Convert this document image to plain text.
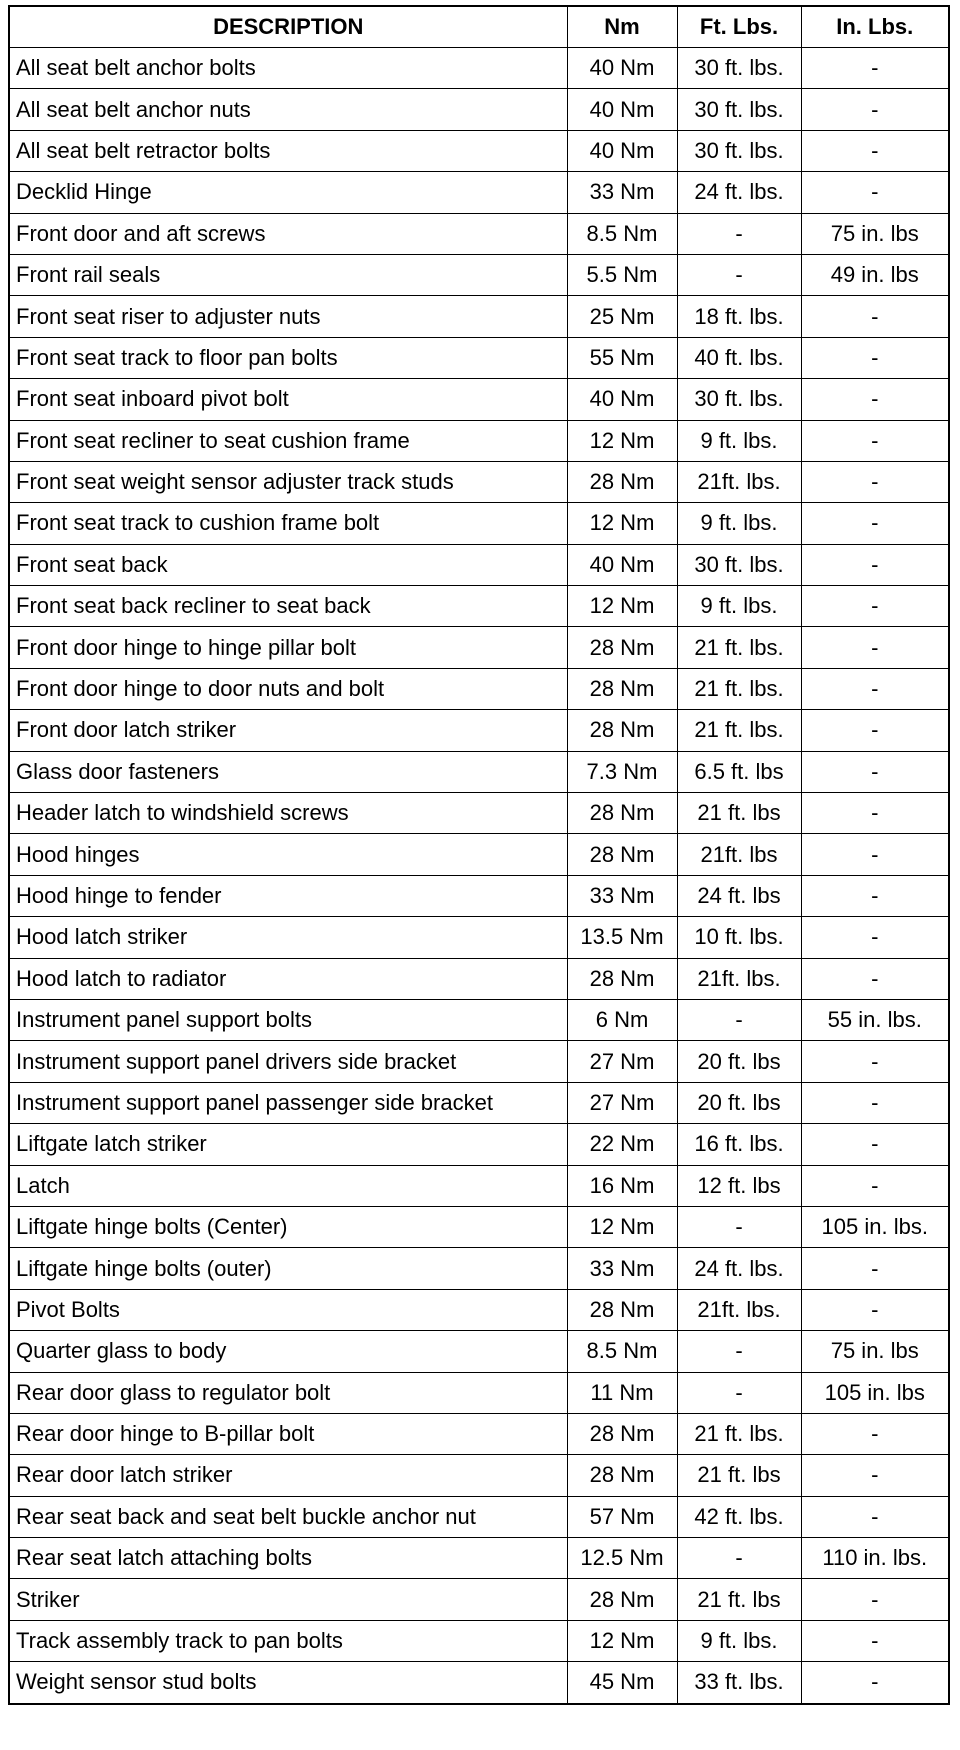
DESCRIPTION	Nm	Ft. Lbs.	In. Lbs.
All seat belt anchor bolts	40 Nm	30 ft. lbs.	-
All seat belt anchor nuts	40 Nm	30 ft. lbs.	-
All seat belt retractor bolts	40 Nm	30 ft. lbs.	-
Decklid Hinge	33 Nm	24 ft. lbs.	-
Front door and aft screws	8.5 Nm	-	75 in. lbs
Front rail seals	5.5 Nm	-	49 in. lbs
Front seat riser to adjuster nuts	25 Nm	18 ft. lbs.	-
Front seat track to floor pan bolts	55 Nm	40 ft. lbs.	-
Front seat inboard pivot bolt	40 Nm	30 ft. lbs.	-
Front seat recliner to seat cushion frame	12 Nm	9 ft. lbs.	-
Front seat weight sensor adjuster track studs	28 Nm	21ft. lbs.	-
Front seat track to cushion frame bolt	12 Nm	9 ft. lbs.	-
Front seat back	40 Nm	30 ft. lbs.	-
Front seat back recliner to seat back	12 Nm	9 ft. lbs.	-
Front door hinge to hinge pillar bolt	28 Nm	21 ft. lbs.	-
Front door hinge to door nuts and bolt	28 Nm	21 ft. lbs.	-
Front door latch striker	28 Nm	21 ft. lbs.	-
Glass door fasteners	7.3 Nm	6.5 ft. lbs	-
Header latch to windshield screws	28 Nm	21 ft. lbs	-
Hood hinges	28 Nm	21ft. lbs	-
Hood hinge to fender	33 Nm	24 ft. lbs	-
Hood latch striker	13.5 Nm	10 ft. lbs.	-
Hood latch to radiator	28 Nm	21ft. lbs.	-
Instrument panel support bolts	6 Nm	-	55 in. lbs.
Instrument support panel drivers side bracket	27 Nm	20 ft. lbs	-
Instrument support panel passenger side bracket	27 Nm	20 ft. lbs	-
Liftgate latch striker	22 Nm	16 ft. lbs.	-
Latch	16 Nm	12 ft. lbs	-
Liftgate hinge bolts (Center)	12 Nm	-	105 in. lbs.
Liftgate hinge bolts (outer)	33 Nm	24 ft. lbs.	-
Pivot Bolts	28 Nm	21ft. lbs.	-
Quarter glass to body	8.5 Nm	-	75 in. lbs
Rear door glass to regulator bolt	11 Nm	-	105 in. lbs
Rear door hinge to B-pillar bolt	28 Nm	21 ft. lbs.	-
Rear door latch striker	28 Nm	21 ft. lbs	-
Rear seat back and seat belt buckle anchor nut	57 Nm	42 ft. lbs.	-
Rear seat latch attaching bolts	12.5 Nm	-	110 in. lbs.
Striker	28 Nm	21 ft. lbs	-
Track assembly track to pan bolts	12 Nm	9 ft. lbs.	-
Weight sensor stud bolts	45 Nm	33 ft. lbs.	-
